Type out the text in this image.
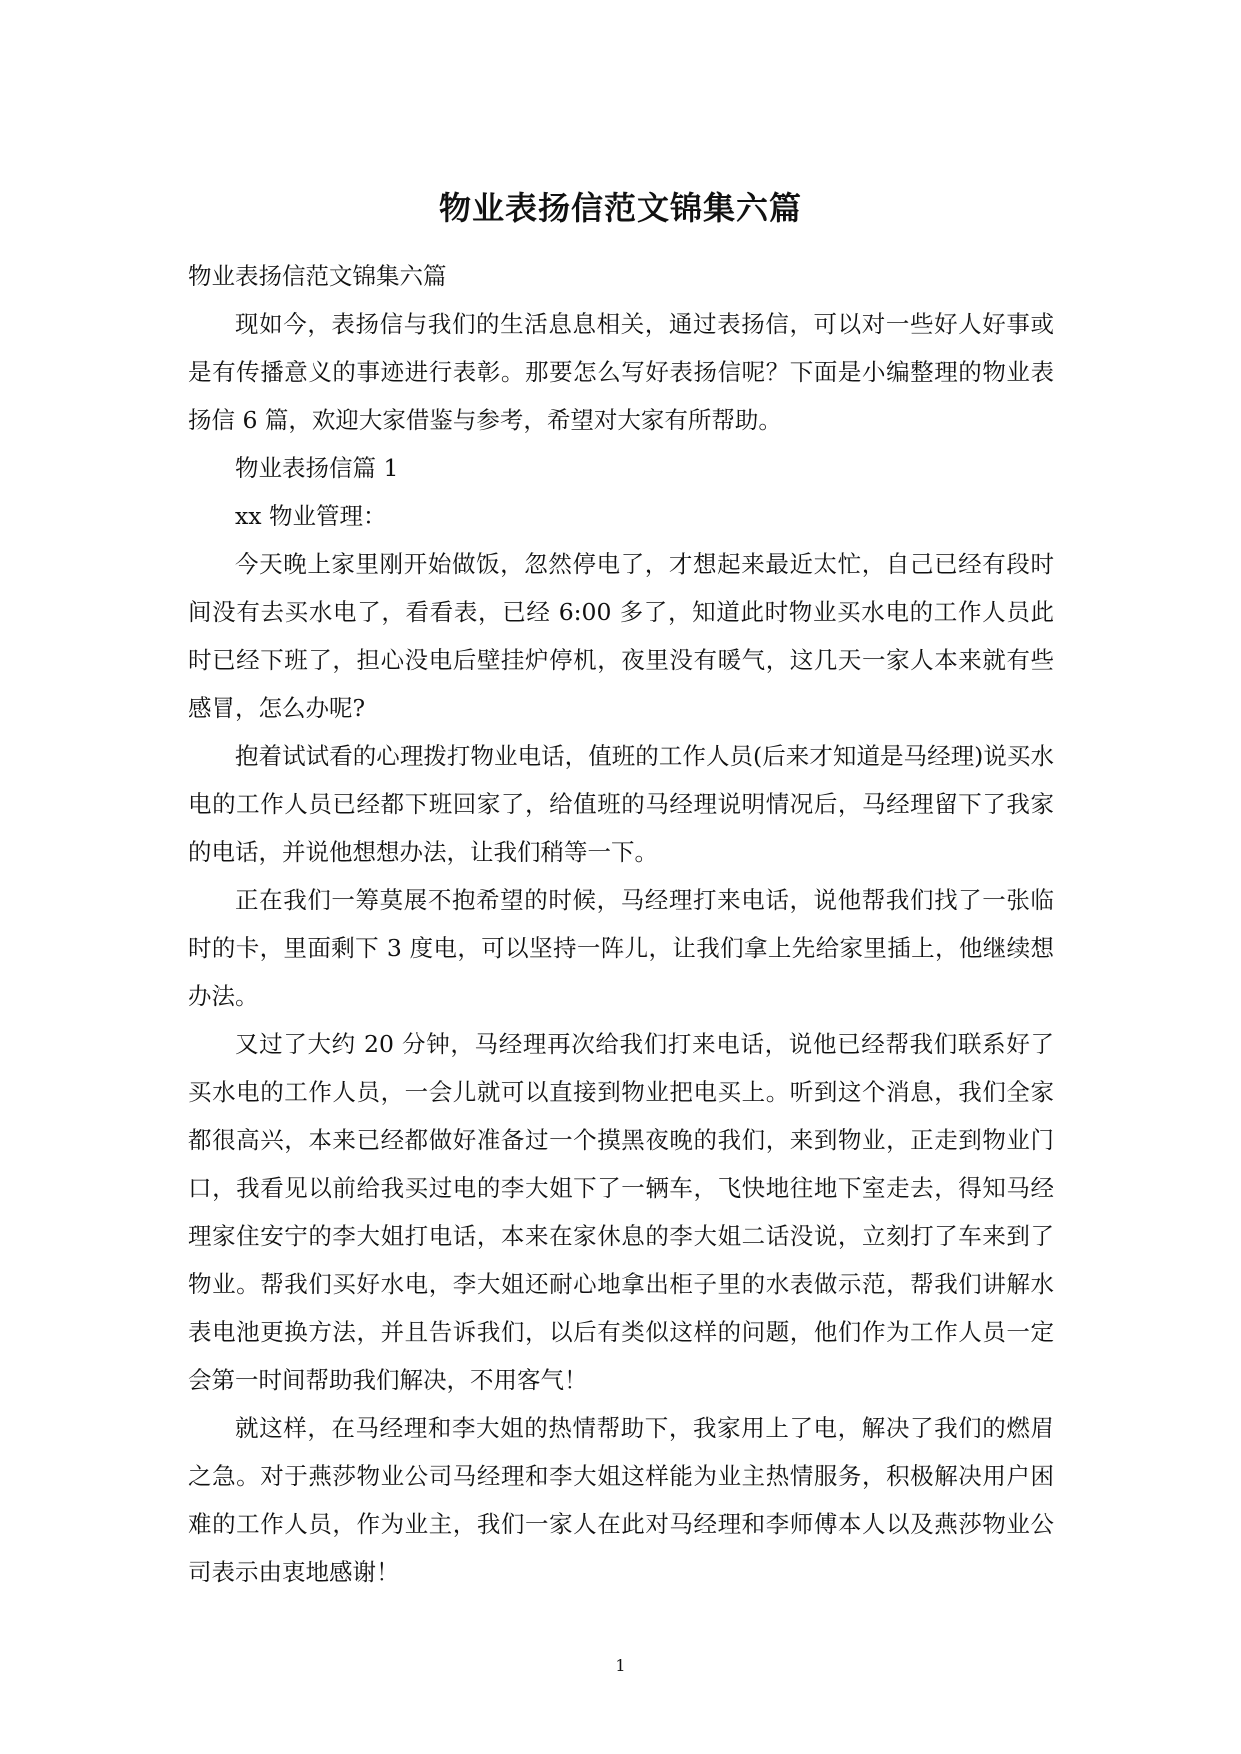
物业表扬信范文锦集六篇

物业表扬信范文锦集六篇

现如今，表扬信与我们的生活息息相关，通过表扬信，可以对一些好人好事或是有传播意义的事迹进行表彰。那要怎么写好表扬信呢？下面是小编整理的物业表扬信 6 篇，欢迎大家借鉴与参考，希望对大家有所帮助。

物业表扬信篇 1

xx 物业管理：

今天晚上家里刚开始做饭，忽然停电了，才想起来最近太忙，自己已经有段时间没有去买水电了，看看表，已经 6:00 多了，知道此时物业买水电的工作人员此时已经下班了，担心没电后壁挂炉停机，夜里没有暖气，这几天一家人本来就有些感冒，怎么办呢?

抱着试试看的心理拨打物业电话，值班的工作人员(后来才知道是马经理)说买水电的工作人员已经都下班回家了，给值班的马经理说明情况后，马经理留下了我家的电话，并说他想想办法，让我们稍等一下。

正在我们一筹莫展不抱希望的时候，马经理打来电话，说他帮我们找了一张临时的卡，里面剩下 3 度电，可以坚持一阵儿，让我们拿上先给家里插上，他继续想办法。

又过了大约 20 分钟，马经理再次给我们打来电话，说他已经帮我们联系好了买水电的工作人员，一会儿就可以直接到物业把电买上。听到这个消息，我们全家都很高兴，本来已经都做好准备过一个摸黑夜晚的我们，来到物业，正走到物业门口，我看见以前给我买过电的李大姐下了一辆车，飞快地往地下室走去，得知马经理家住安宁的李大姐打电话，本来在家休息的李大姐二话没说，立刻打了车来到了物业。帮我们买好水电，李大姐还耐心地拿出柜子里的水表做示范，帮我们讲解水表电池更换方法，并且告诉我们，以后有类似这样的问题，他们作为工作人员一定会第一时间帮助我们解决，不用客气！

就这样，在马经理和李大姐的热情帮助下，我家用上了电，解决了我们的燃眉之急。对于燕莎物业公司马经理和李大姐这样能为业主热情服务，积极解决用户困难的工作人员，作为业主，我们一家人在此对马经理和李师傅本人以及燕莎物业公司表示由衷地感谢！

1
